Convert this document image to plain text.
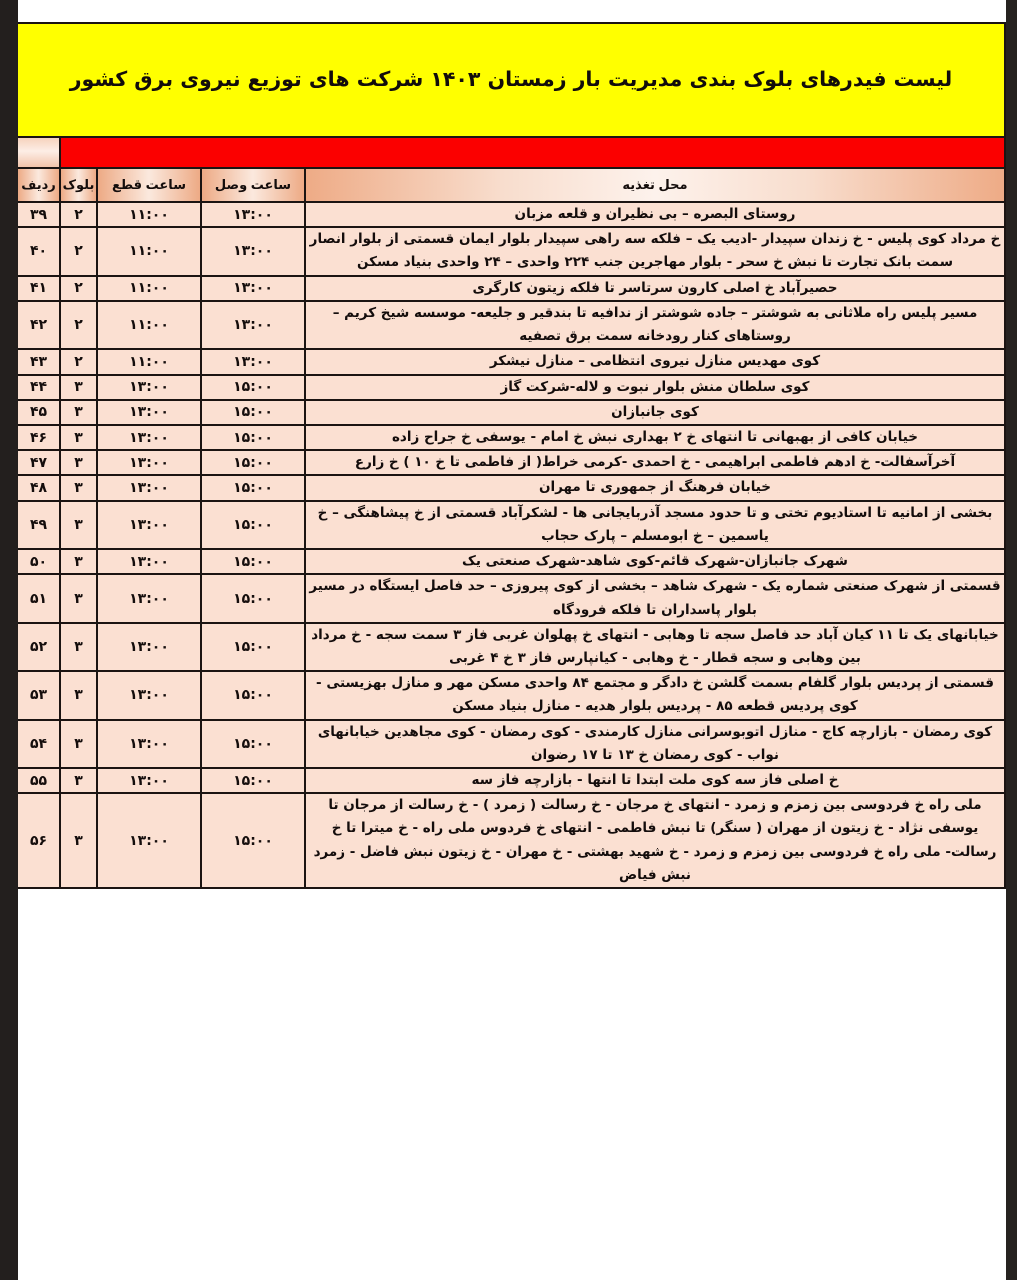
لیست فیدرهای بلوک بندی مدیریت بار زمستان ۱۴۰۳ شرکت های توزیع نیروی برق کشور				

محل تغذیه	ساعت وصل	ساعت قطع	بلوک	ردیف
روستای البصره – بی نظیران و قلعه مزبان	۱۳:۰۰	۱۱:۰۰	۲	۳۹
خ مرداد کوی پلیس - خ زندان سپیدار -ادیب یک – فلکه سه راهی سپیدار بلوار ایمان قسمتی از بلوار انصار سمت بانک تجارت تا نبش خ سحر - بلوار مهاجرین جنب ۲۲۴ واحدی – ۲۴ واحدی بنیاد مسکن	۱۳:۰۰	۱۱:۰۰	۲	۴۰
حصیرآباد خ اصلی کارون سرتاسر تا فلکه زیتون کارگری	۱۳:۰۰	۱۱:۰۰	۲	۴۱
مسیر پلیس راه ملاثانی به شوشتر – جاده شوشتر از ندافیه تا بندقیر و جلیعه- موسسه شیخ کریم – روستاهای کنار رودخانه سمت برق تصفیه	۱۳:۰۰	۱۱:۰۰	۲	۴۲
کوی مهدیس منازل نیروی انتظامی – منازل نیشکر	۱۳:۰۰	۱۱:۰۰	۲	۴۳
کوی سلطان منش بلوار نبوت و لاله-شرکت گاز	۱۵:۰۰	۱۳:۰۰	۳	۴۴
کوی جانبازان	۱۵:۰۰	۱۳:۰۰	۳	۴۵
خیابان کافی از بهبهانی تا انتهای خ ۲ بهداری نبش خ امام - یوسفی خ جراح زاده	۱۵:۰۰	۱۳:۰۰	۳	۴۶
آخرآسفالت- خ ادهم فاطمی ابراهیمی - خ احمدی -کرمی خراط( از فاطمی تا خ ۱۰ ) خ زارع	۱۵:۰۰	۱۳:۰۰	۳	۴۷
خیابان فرهنگ از جمهوری تا مهران	۱۵:۰۰	۱۳:۰۰	۳	۴۸
بخشی از امانیه تا استادیوم تختی و تا حدود مسجد آذربایجانی ها - لشکرآباد قسمتی از خ پیشاهنگی – خ یاسمین – خ ابومسلم – پارک حجاب	۱۵:۰۰	۱۳:۰۰	۳	۴۹
شهرک جانبازان-شهرک قائم-کوی شاهد-شهرک صنعتی یک	۱۵:۰۰	۱۳:۰۰	۳	۵۰
قسمتی از شهرک صنعتی شماره یک - شهرک شاهد – بخشی از کوی پیروزی – حد فاصل ایستگاه در مسیر بلوار پاسداران تا فلکه فرودگاه	۱۵:۰۰	۱۳:۰۰	۳	۵۱
خیابانهای یک تا ۱۱ کیان آباد حد فاصل سجه تا وهابی - انتهای خ پهلوان غربی فاز ۳ سمت سجه - خ مرداد بین وهابی و سجه قطار - خ وهابی - کیانپارس فاز ۳ خ ۴ غربی	۱۵:۰۰	۱۳:۰۰	۳	۵۲
قسمتی از پردیس بلوار گلفام بسمت گلشن خ دادگر و مجتمع ۸۴ واحدی مسکن مهر و منازل بهزیستی - کوی پردیس قطعه ۸۵ - پردیس بلوار هدیه - منازل بنیاد مسکن	۱۵:۰۰	۱۳:۰۰	۳	۵۳
کوی رمضان - بازارچه کاج - منازل اتوبوسرانی منازل کارمندی - کوی رمضان - کوی مجاهدین خیابانهای نواب - کوی رمضان خ ۱۳ تا ۱۷ رضوان	۱۵:۰۰	۱۳:۰۰	۳	۵۴
خ اصلی فاز سه کوی ملت ابتدا تا انتها - بازارچه فاز سه	۱۵:۰۰	۱۳:۰۰	۳	۵۵
ملی راه خ فردوسی بین زمزم و زمرد - انتهای خ مرجان - خ رسالت ( زمرد ) - خ رسالت از مرجان تا یوسفی نژاد - خ زیتون از مهران ( سنگر) تا نبش فاطمی - انتهای خ فردوس ملی راه - خ میترا تا خ رسالت- ملی راه خ فردوسی بین زمزم و زمرد - خ شهید بهشتی - خ مهران - خ زیتون نبش فاضل - زمرد نبش فیاض	۱۵:۰۰	۱۳:۰۰	۳	۵۶
